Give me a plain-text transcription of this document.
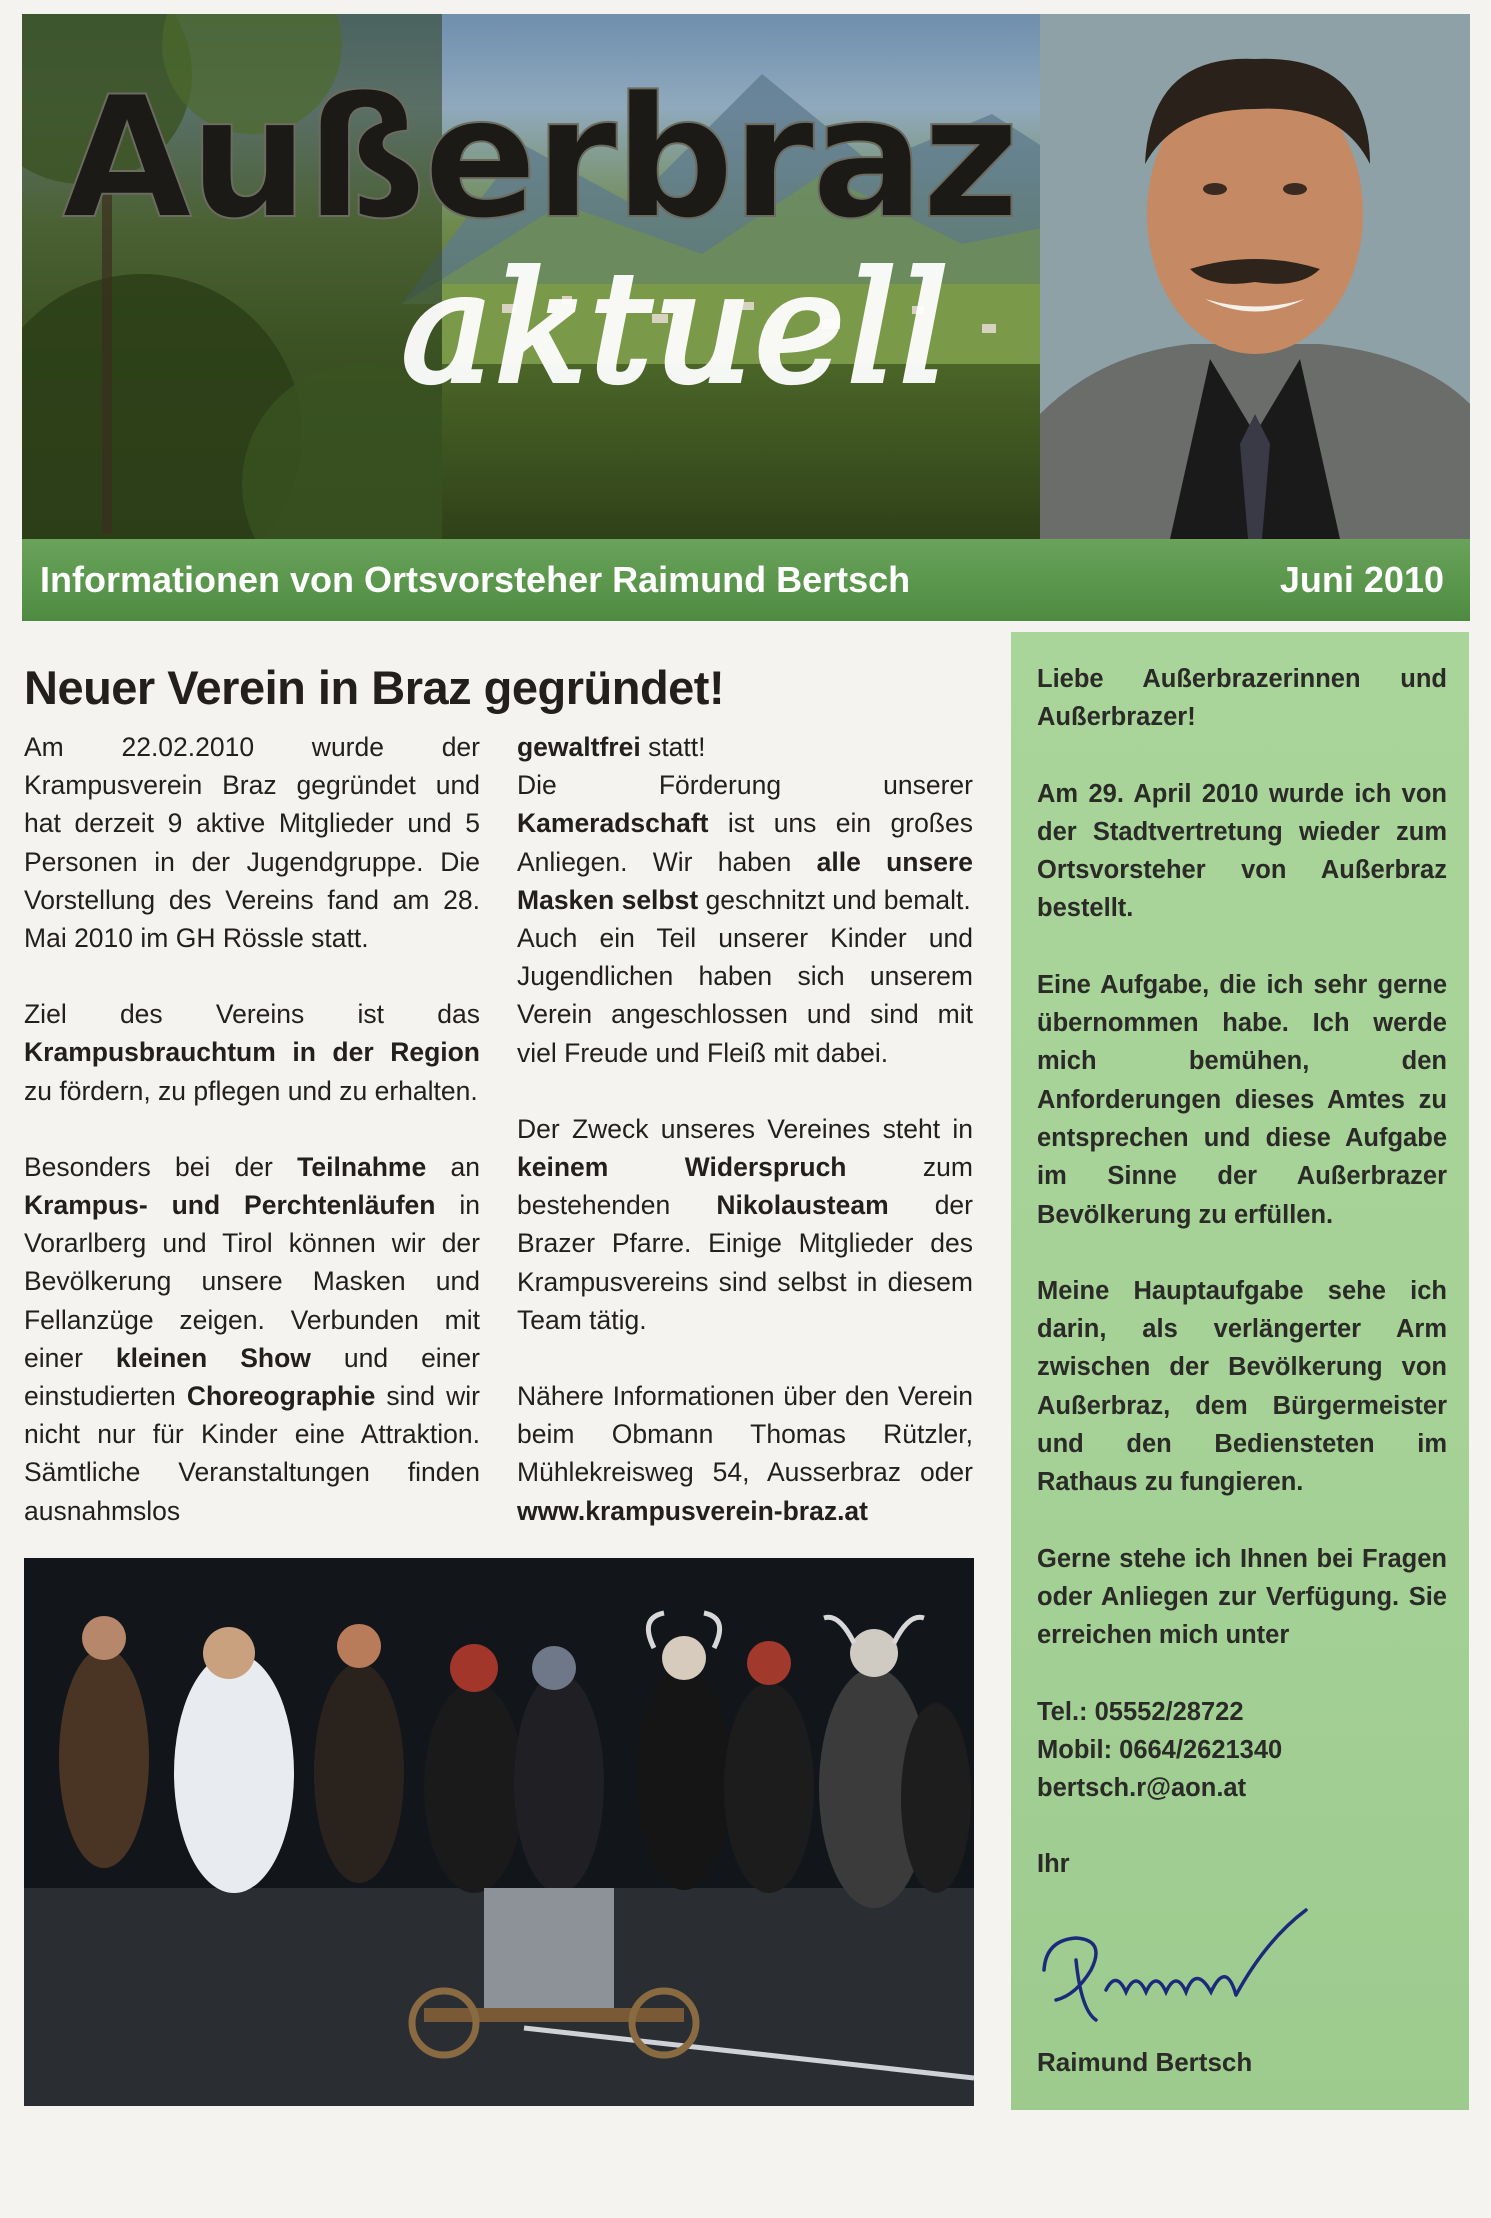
Außerbraz
aktuell
Informationen von Ortsvorsteher Raimund Bertsch	Juni 2010
Neuer Verein in Braz gegründet!

Am 22.02.2010 wurde der Krampusverein Braz gegründet und hat derzeit 9 aktive Mitglieder und 5 Personen in der Jugendgruppe. Die Vorstellung des Vereins fand am 28. Mai 2010 im GH Rössle statt.

Ziel des Vereins ist das Krampusbrauchtum in der Region zu fördern, zu pflegen und zu erhalten.

Besonders bei der Teilnahme an Krampus- und Perchtenläufen in Vorarlberg und Tirol können wir der Bevölkerung unsere Masken und Fellanzüge zeigen. Verbunden mit einer kleinen Show und einer einstudierten Choreographie sind wir nicht nur für Kinder eine Attraktion. Sämtliche Veranstaltungen finden ausnahmslos

gewaltfrei statt!
Die Förderung unserer Kameradschaft ist uns ein großes Anliegen. Wir haben alle unsere Masken selbst geschnitzt und bemalt.
Auch ein Teil unserer Kinder und Jugendlichen haben sich unserem Verein angeschlossen und sind mit viel Freude und Fleiß mit dabei.

Der Zweck unseres Vereines steht in keinem Widerspruch zum bestehenden Nikolausteam der Brazer Pfarre. Einige Mitglieder des Krampusvereins sind selbst in diesem Team tätig.

Nähere Informationen über den Verein beim Obmann Thomas Rützler, Mühlekreisweg 54, Ausserbraz oder www.krampusverein-braz.at

Liebe Außerbrazerinnen und Außerbrazer!

Am 29. April 2010 wurde ich von der Stadtvertretung wieder zum Ortsvorsteher von Außerbraz bestellt.

Eine Aufgabe, die ich sehr gerne übernommen habe. Ich werde mich bemühen, den Anforderungen dieses Amtes zu entsprechen und diese Aufgabe im Sinne der Außerbrazer Bevölkerung zu erfüllen.

Meine Hauptaufgabe sehe ich darin, als verlängerter Arm zwischen der Bevölkerung von Außerbraz, dem Bürgermeister und den Bediensteten im Rathaus zu fungieren.

Gerne stehe ich Ihnen bei Fragen oder Anliegen zur Verfügung. Sie erreichen mich unter

Tel.: 05552/28722
Mobil: 0664/2621340
bertsch.r@aon.at

Ihr

Raimund Bertsch
